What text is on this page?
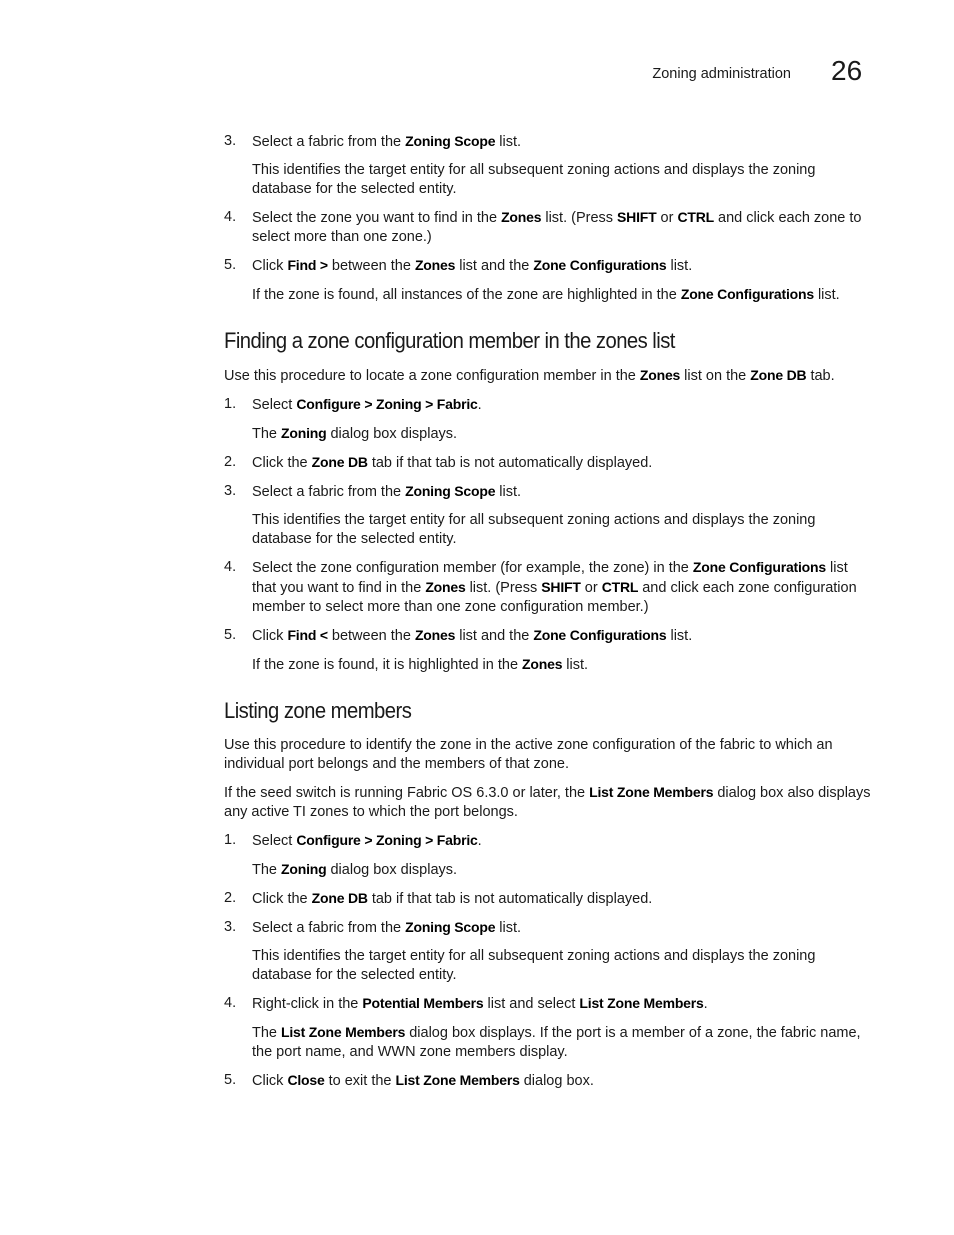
Zoning administration 26
3. Select a fabric from the Zoning Scope list.

This identifies the target entity for all subsequent zoning actions and displays the zoning database for the selected entity.

4. Select the zone you want to find in the Zones list. (Press SHIFT or CTRL and click each zone to select more than one zone.)
5. Click Find > between the Zones list and the Zone Configurations list.

If the zone is found, all instances of the zone are highlighted in the Zone Configurations list.

Finding a zone configuration member in the zones list

Use this procedure to locate a zone configuration member in the Zones list on the Zone DB tab.

1. Select Configure > Zoning > Fabric.

The Zoning dialog box displays.

2. Click the Zone DB tab if that tab is not automatically displayed.
3. Select a fabric from the Zoning Scope list.

This identifies the target entity for all subsequent zoning actions and displays the zoning database for the selected entity.

4. Select the zone configuration member (for example, the zone) in the Zone Configurations list that you want to find in the Zones list. (Press SHIFT or CTRL and click each zone configuration member to select more than one zone configuration member.)
5. Click Find < between the Zones list and the Zone Configurations list.

If the zone is found, it is highlighted in the Zones list.

Listing zone members

Use this procedure to identify the zone in the active zone configuration of the fabric to which an individual port belongs and the members of that zone.

If the seed switch is running Fabric OS 6.3.0 or later, the List Zone Members dialog box also displays any active TI zones to which the port belongs.

1. Select Configure > Zoning > Fabric.

The Zoning dialog box displays.

2. Click the Zone DB tab if that tab is not automatically displayed.
3. Select a fabric from the Zoning Scope list.

This identifies the target entity for all subsequent zoning actions and displays the zoning database for the selected entity.

4. Right-click in the Potential Members list and select List Zone Members.

The List Zone Members dialog box displays. If the port is a member of a zone, the fabric name, the port name, and WWN zone members display.

5. Click Close to exit the List Zone Members dialog box.
